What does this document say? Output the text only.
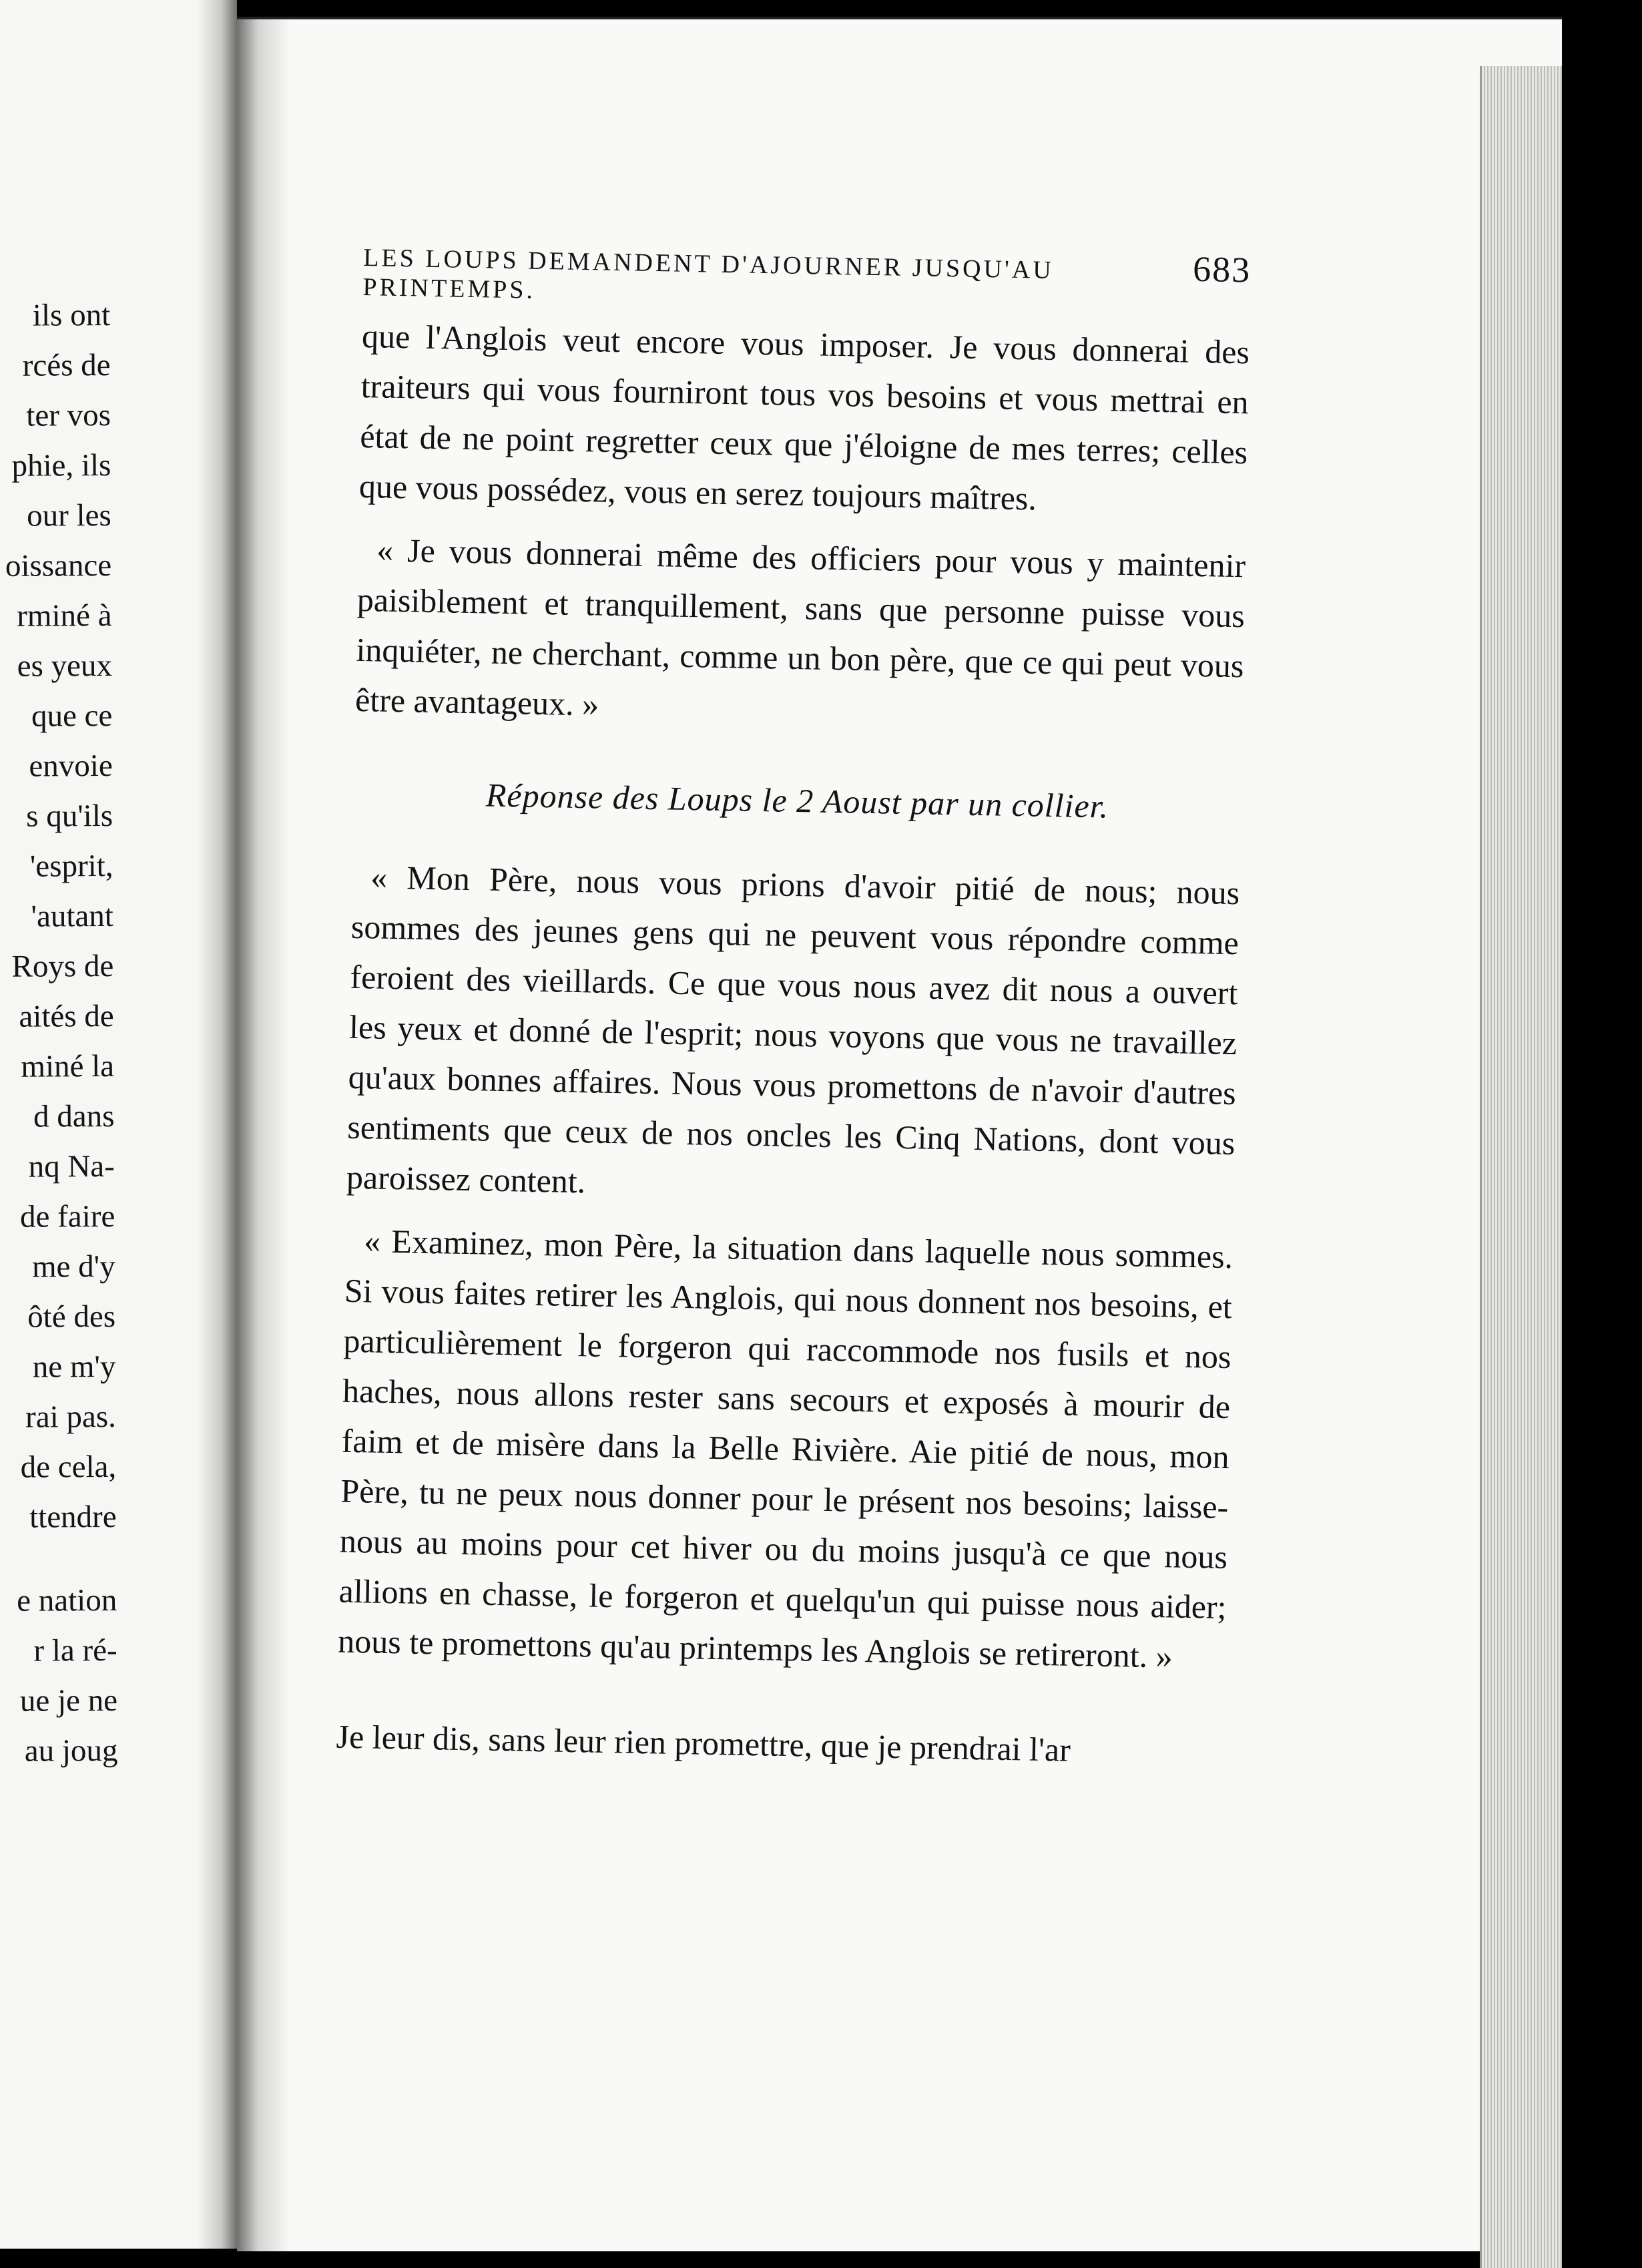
ils ont
rcés de
ter vos
phie, ils
our les
oissance
rminé à
es yeux
que ce
envoie
s qu'ils
'esprit,
'autant
Roys de
aités de
miné la
d dans
nq Na-
de faire
me d'y
ôté des
ne m'y
rai pas.
de cela,
ttendre
e nation
r la ré-
ue je ne
au joug
LES LOUPS DEMANDENT D'AJOURNER JUSQU'AU PRINTEMPS.	683

que l'Anglois veut encore vous imposer. Je vous donnerai des traiteurs qui vous fourniront tous vos besoins et vous mettrai en état de ne point regretter ceux que j'éloigne de mes terres; celles que vous possédez, vous en serez toujours maîtres.

« Je vous donnerai même des officiers pour vous y maintenir paisiblement et tranquillement, sans que personne puisse vous inquiéter, ne cherchant, comme un bon père, que ce qui peut vous être avantageux. »

Réponse des Loups le 2 Aoust par un collier.

« Mon Père, nous vous prions d'avoir pitié de nous; nous sommes des jeunes gens qui ne peuvent vous répondre comme feroient des vieillards. Ce que vous nous avez dit nous a ouvert les yeux et donné de l'esprit; nous voyons que vous ne travaillez qu'aux bonnes affaires. Nous vous promettons de n'avoir d'autres sentiments que ceux de nos oncles les Cinq Nations, dont vous paroissez content.

« Examinez, mon Père, la situation dans laquelle nous sommes. Si vous faites retirer les Anglois, qui nous donnent nos besoins, et particulièrement le forgeron qui raccommode nos fusils et nos haches, nous allons rester sans secours et exposés à mourir de faim et de misère dans la Belle Rivière. Aie pitié de nous, mon Père, tu ne peux nous donner pour le présent nos besoins; laisse-nous au moins pour cet hiver ou du moins jusqu'à ce que nous allions en chasse, le forgeron et quelqu'un qui puisse nous aider; nous te promettons qu'au printemps les Anglois se retireront. »

Je leur dis, sans leur rien promettre, que je prendrai l'ar
